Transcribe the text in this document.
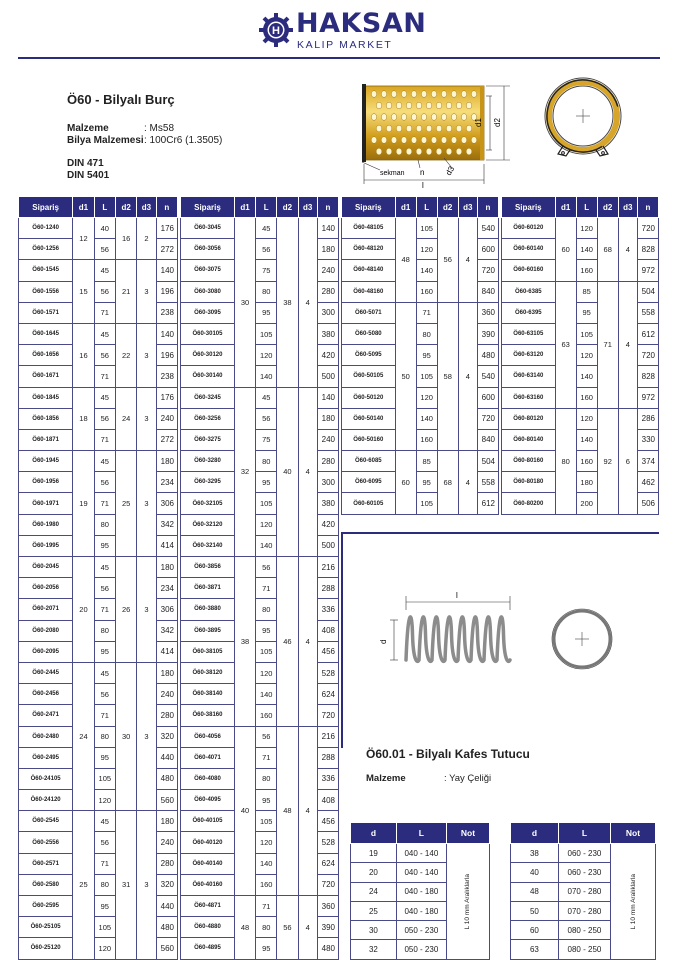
H HAKSAN
KALIP MARKET
Ö60 - Bilyalı Burç
Malzeme	: Ms58
Bilya Malzemesi: 100Cr6 (1.3505)
DIN 471
DIN 5401
d1 d2
d3
n
l
sekman
Sipariş	d1	L	d2	d3	n
Ö60-1240	12	40	16	2	176
Ö60-1256		56			272
Ö60-1545	15	45	21	3	140
Ö60-1556		56			196
Ö60-1571		71			238
Ö60-1645	16	45	22	3	140
Ö60-1656		56			196
Ö60-1671		71			238
Ö60-1845	18	45	24	3	176
Ö60-1856		56			240
Ö60-1871		71			272
Ö60-1945	19	45	25	3	180
Ö60-1956		56			234
Ö60-1971		71			306
Ö60-1980		80			342
Ö60-1995		95			414
Ö60-2045	20	45	26	3	180
Ö60-2056		56			234
Ö60-2071		71			306
Ö60-2080		80			342
Ö60-2095		95			414
Ö60-2445	24	45	30	3	180
Ö60-2456		56			240
Ö60-2471		71			280
Ö60-2480		80			320
Ö60-2495		95			440
Ö60-24105		105			480
Ö60-24120		120			560
Ö60-2545	25	45	31	3	180
Ö60-2556		56			240
Ö60-2571		71			280
Ö60-2580		80			320
Ö60-2595		95			440
Ö60-25105		105			480
Ö60-25120		120			560
Sipariş	d1	L	d2	d3	n
Ö60-3045	30	45	38	4	140
Ö60-3056		56			180
Ö60-3075		75			240
Ö60-3080		80			280
Ö60-3095		95			300
Ö60-30105		105			380
Ö60-30120		120			420
Ö60-30140		140			500
Ö60-3245	32	45	40	4	140
Ö60-3256		56			180
Ö60-3275		75			240
Ö60-3280		80			280
Ö60-3295		95			300
Ö60-32105		105			380
Ö60-32120		120			420
Ö60-32140		140			500
Ö60-3856	38	56	46	4	216
Ö60-3871		71			288
Ö60-3880		80			336
Ö60-3895		95			408
Ö60-38105		105			456
Ö60-38120		120			528
Ö60-38140		140			624
Ö60-38160		160			720
Ö60-4056	40	56	48	4	216
Ö60-4071		71			288
Ö60-4080		80			336
Ö60-4095		95			408
Ö60-40105		105			456
Ö60-40120		120			528
Ö60-40140		140			624
Ö60-40160		160			720
Ö60-4871	48	71	56	4	360
Ö60-4880		80			390
Ö60-4895		95			480
Sipariş	d1	L	d2	d3	n
Ö60-48105	48	105	56	4	540
Ö60-48120		120			600
Ö60-48140		140			720
Ö60-48160		160			840
Ö60-5071	50	71	58	4	360
Ö60-5080		80			390
Ö60-5095		95			480
Ö60-50105		105			540
Ö60-50120		120			600
Ö60-50140		140			720
Ö60-50160		160			840
Ö60-6085	60	85	68	4	504
Ö60-6095		95			558
Ö60-60105		105			612
Sipariş	d1	L	d2	d3	n
Ö60-60120	60	120	68	4	720
Ö60-60140		140			828
Ö60-60160		160			972
Ö60-6385	63	85	71	4	504
Ö60-6395		95			558
Ö60-63105		105			612
Ö60-63120		120			720
Ö60-63140		140			828
Ö60-63160		160			972
Ö60-80120	80	120	92	6	286
Ö60-80140		140			330
Ö60-80160		160			374
Ö60-80180		180			462
Ö60-80200		200			506
l
d
Ö60.01 - Bilyalı Kafes Tutucu
Malzeme	: Yay Çeliği
d	L	Not
19	040 - 140	L 10 mm Aralıklarla

20	040 - 140	
24	040 - 180	
25	040 - 180	
30	050 - 230	
32	050 - 230	
d	L	Not
38	060 - 230	L 10 mm Aralıklarla

40	060 - 230	
48	070 - 280	
50	070 - 280	
60	080 - 250	
63	080 - 250	
